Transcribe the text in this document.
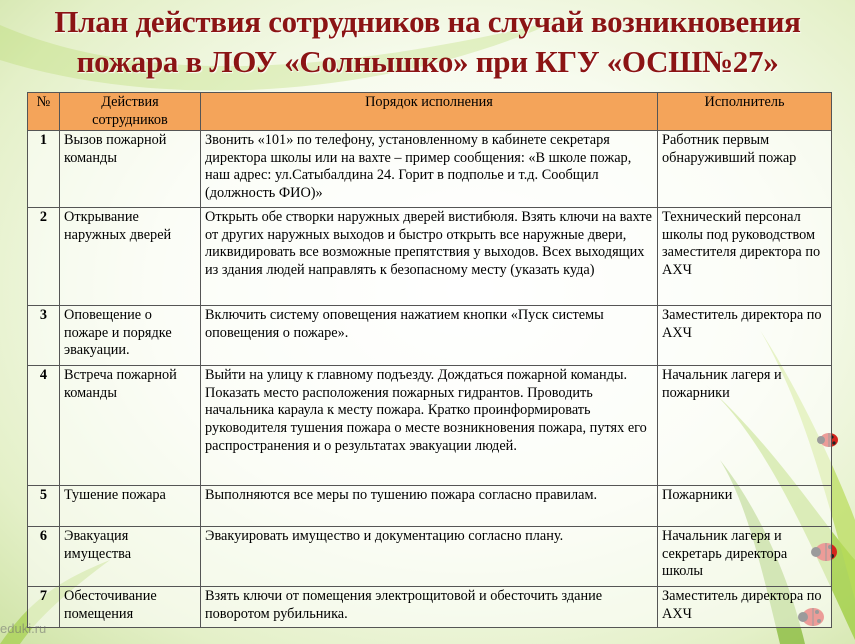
План действия сотрудников на случай возникновения
пожара в ЛОУ «Солнышко» при КГУ «ОСШ№27»
№	Действия сотрудников	Порядок исполнения	Исполнитель
1	Вызов пожарной команды	Звонить «101» по телефону, установленному в кабинете секретаря директора школы или на вахте – пример сообщения: «В школе пожар, наш адрес: ул.Сатыбалдина 24. Горит в подполье и т.д. Сообщил (должность ФИО)»	Работник первым обнаруживший пожар
2	Открывание наружных дверей	Открыть обе створки наружных дверей вистибюля. Взять ключи на вахте от других наружных выходов и быстро открыть все наружные двери, ликвидировать все возможные препятствия у выходов. Всех выходящих из здания людей направлять к безопасному месту (указать куда)	Технический персонал школы под руководством заместителя директора по АХЧ
3	Оповещение о пожаре и порядке эвакуации.	Включить систему оповещения нажатием кнопки «Пуск системы оповещения о пожаре».	Заместитель директора по АХЧ
4	Встреча пожарной команды	Выйти на улицу к главному подъезду. Дождаться пожарной команды. Показать место расположения пожарных гидрантов. Проводить начальника караула к месту пожара. Кратко проинформировать руководителя тушения пожара о месте возникновения пожара, путях его распространения и о результатах эвакуации людей.	Начальник лагеря и пожарники
5	Тушение пожара	Выполняются все меры по тушению пожара согласно правилам.	Пожарники
6	Эвакуация имущества	Эвакуировать имущество и документацию согласно плану.	Начальник лагеря и секретарь директора школы
7	Обесточивание помещения	Взять ключи от помещения электрощитовой и обесточить здание поворотом рубильника.	Заместитель директора по АХЧ
eduki.ru
